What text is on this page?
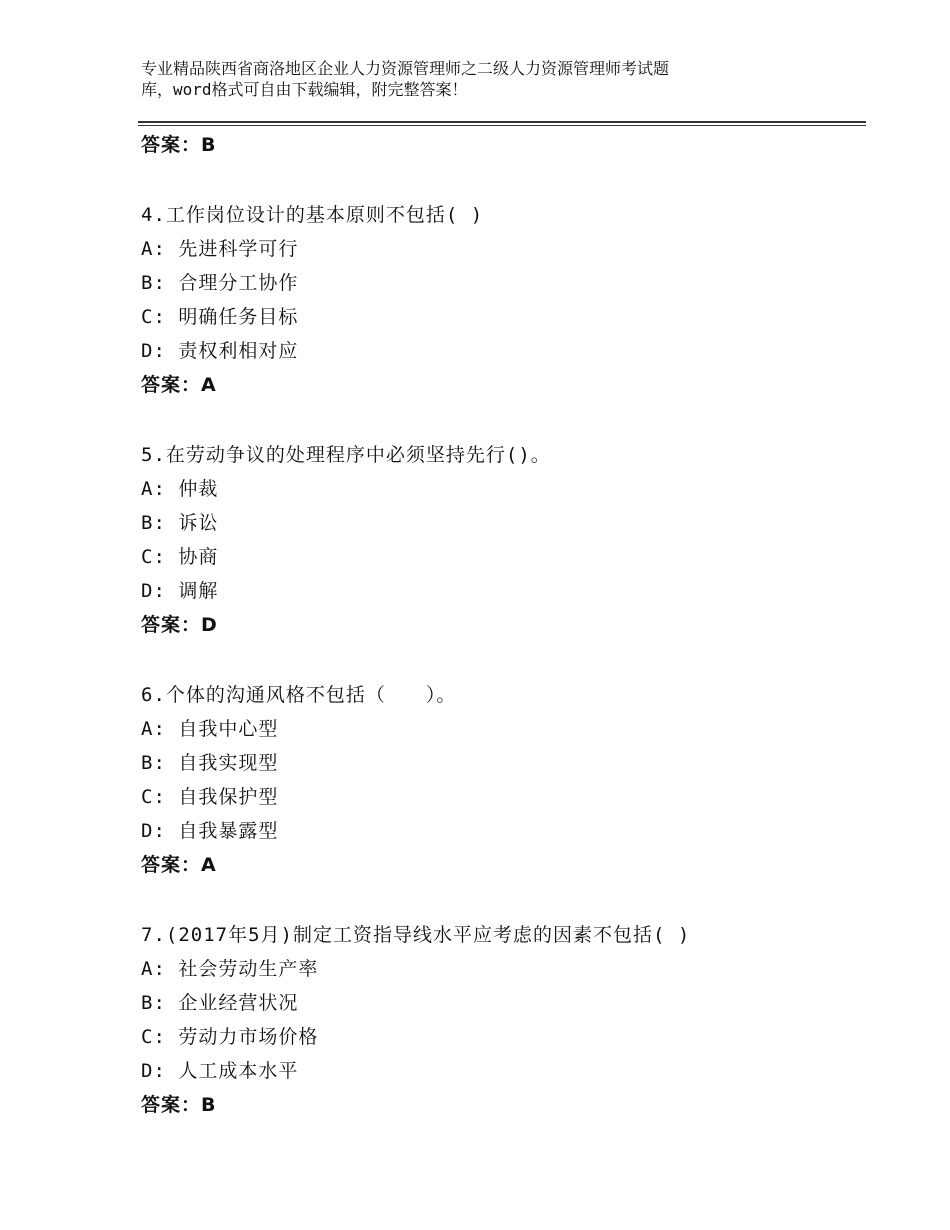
专业精品陕西省商洛地区企业人力资源管理师之二级人力资源管理师考试题
库，word格式可自由下载编辑，附完整答案！
答案：B
4.工作岗位设计的基本原则不包括( )
A: 先进科学可行
B: 合理分工协作
C: 明确任务目标
D: 责权利相对应
答案：A
5.在劳动争议的处理程序中必须坚持先行()。
A: 仲裁
B: 诉讼
C: 协商
D: 调解
答案：D
6.个体的沟通风格不包括（　　）。
A: 自我中心型
B: 自我实现型
C: 自我保护型
D: 自我暴露型
答案：A
7.(2017年5月)制定工资指导线水平应考虑的因素不包括( )
A: 社会劳动生产率
B: 企业经营状况
C: 劳动力市场价格
D: 人工成本水平
答案：B
